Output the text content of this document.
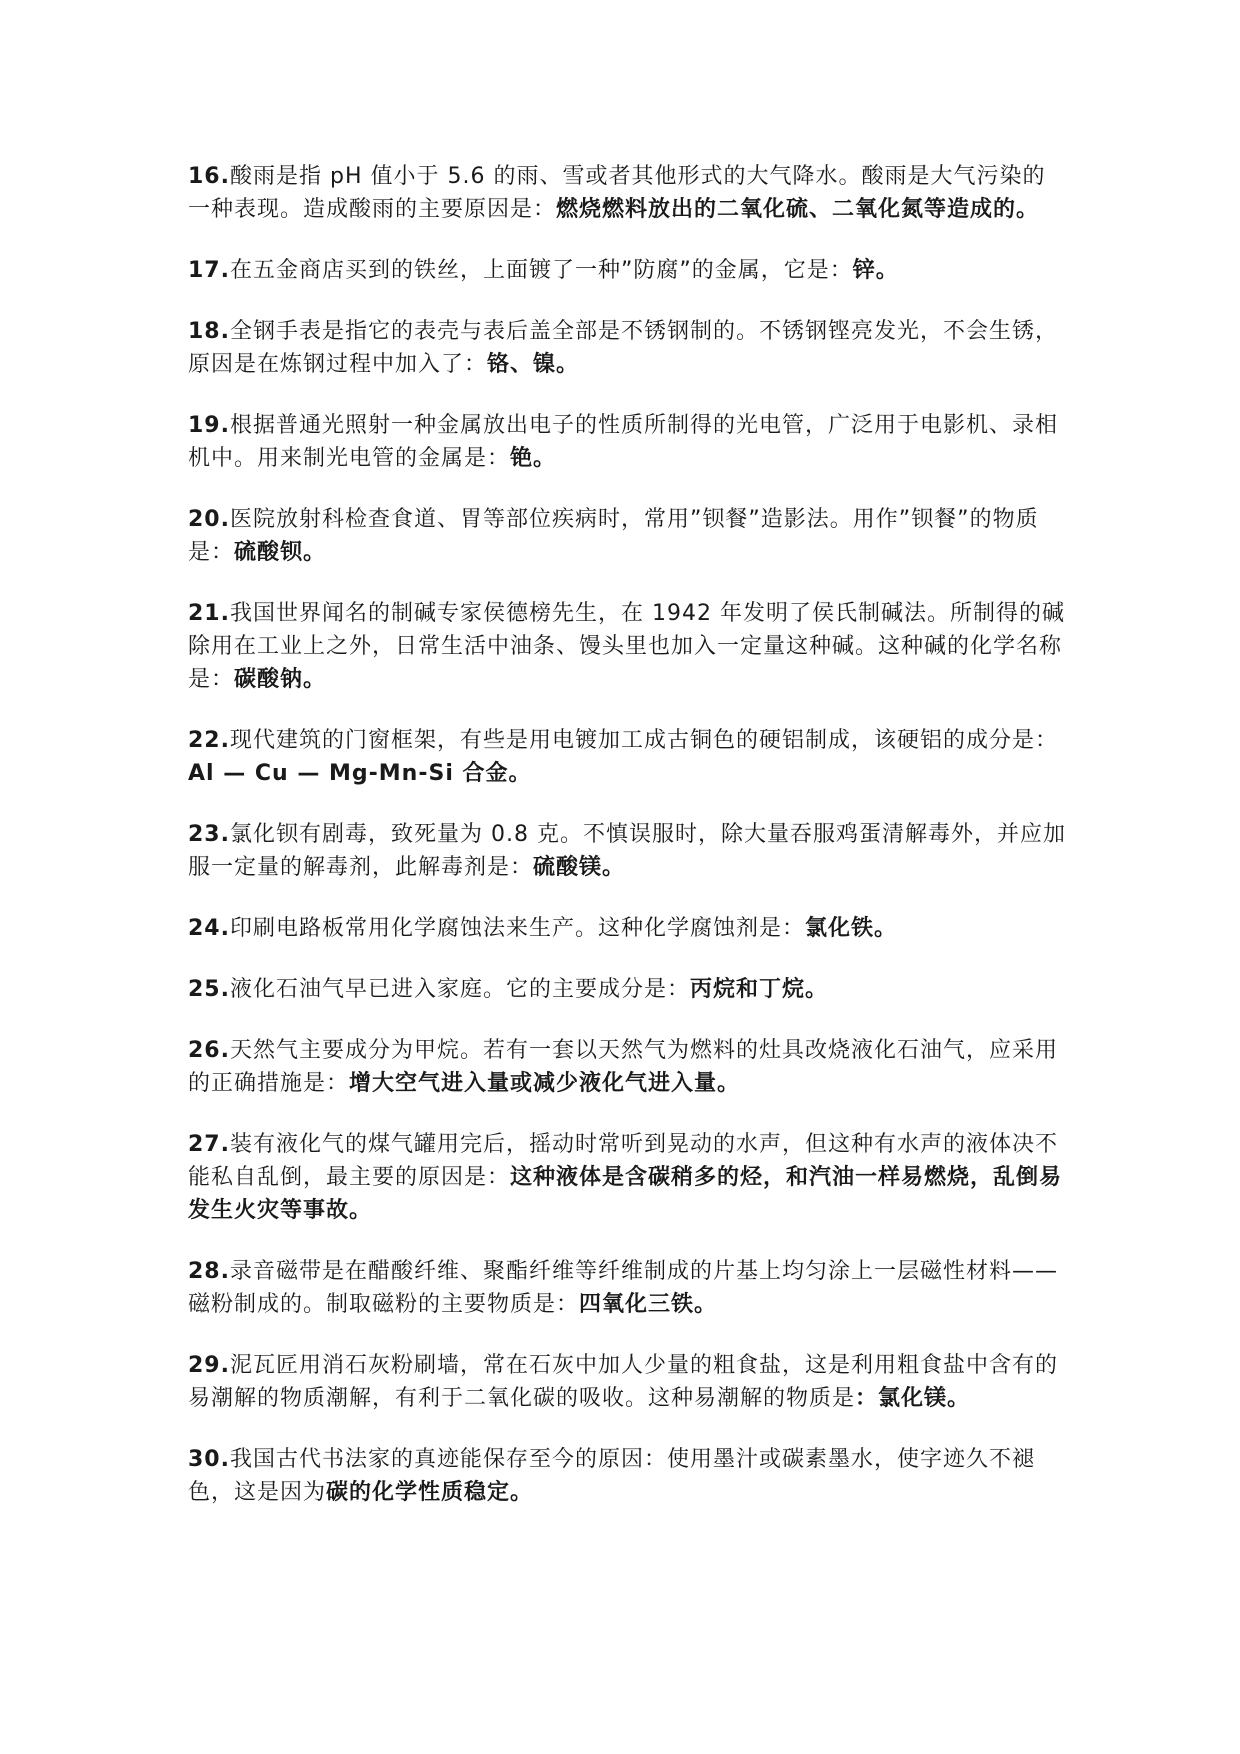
16.酸雨是指 pH 值小于 5.6 的雨、雪或者其他形式的大气降水。酸雨是大气污染的一种表现。造成酸雨的主要原因是：燃烧燃料放出的二氧化硫、二氧化氮等造成的。

17.在五金商店买到的铁丝，上面镀了一种”防腐”的金属，它是：锌。

18.全钢手表是指它的表壳与表后盖全部是不锈钢制的。不锈钢铿亮发光，不会生锈，原因是在炼钢过程中加入了：铬、镍。

19.根据普通光照射一种金属放出电子的性质所制得的光电管，广泛用于电影机、录相机中。用来制光电管的金属是：铯。

20.医院放射科检查食道、胃等部位疾病时，常用”钡餐”造影法。用作”钡餐”的物质是：硫酸钡。

21.我国世界闻名的制碱专家侯德榜先生，在 1942 年发明了侯氏制碱法。所制得的碱除用在工业上之外，日常生活中油条、馒头里也加入一定量这种碱。这种碱的化学名称是：碳酸钠。

22.现代建筑的门窗框架，有些是用电镀加工成古铜色的硬铝制成，该硬铝的成分是：Al — Cu — Mg-Mn-Si 合金。

23.氯化钡有剧毒，致死量为 0.8 克。不慎误服时，除大量吞服鸡蛋清解毒外，并应加服一定量的解毒剂，此解毒剂是：硫酸镁。

24.印刷电路板常用化学腐蚀法来生产。这种化学腐蚀剂是：氯化铁。

25.液化石油气早已进入家庭。它的主要成分是：丙烷和丁烷。

26.天然气主要成分为甲烷。若有一套以天然气为燃料的灶具改烧液化石油气，应采用的正确措施是：增大空气进入量或减少液化气进入量。

27.装有液化气的煤气罐用完后，摇动时常听到晃动的水声，但这种有水声的液体决不能私自乱倒，最主要的原因是：这种液体是含碳稍多的烃，和汽油一样易燃烧，乱倒易发生火灾等事故。

28.录音磁带是在醋酸纤维、聚酯纤维等纤维制成的片基上均匀涂上一层磁性材料——磁粉制成的。制取磁粉的主要物质是：四氧化三铁。

29.泥瓦匠用消石灰粉刷墙，常在石灰中加人少量的粗食盐，这是利用粗食盐中含有的易潮解的物质潮解，有利于二氧化碳的吸收。这种易潮解的物质是：氯化镁。

30.我国古代书法家的真迹能保存至今的原因：使用墨汁或碳素墨水，使字迹久不褪色，这是因为碳的化学性质稳定。
